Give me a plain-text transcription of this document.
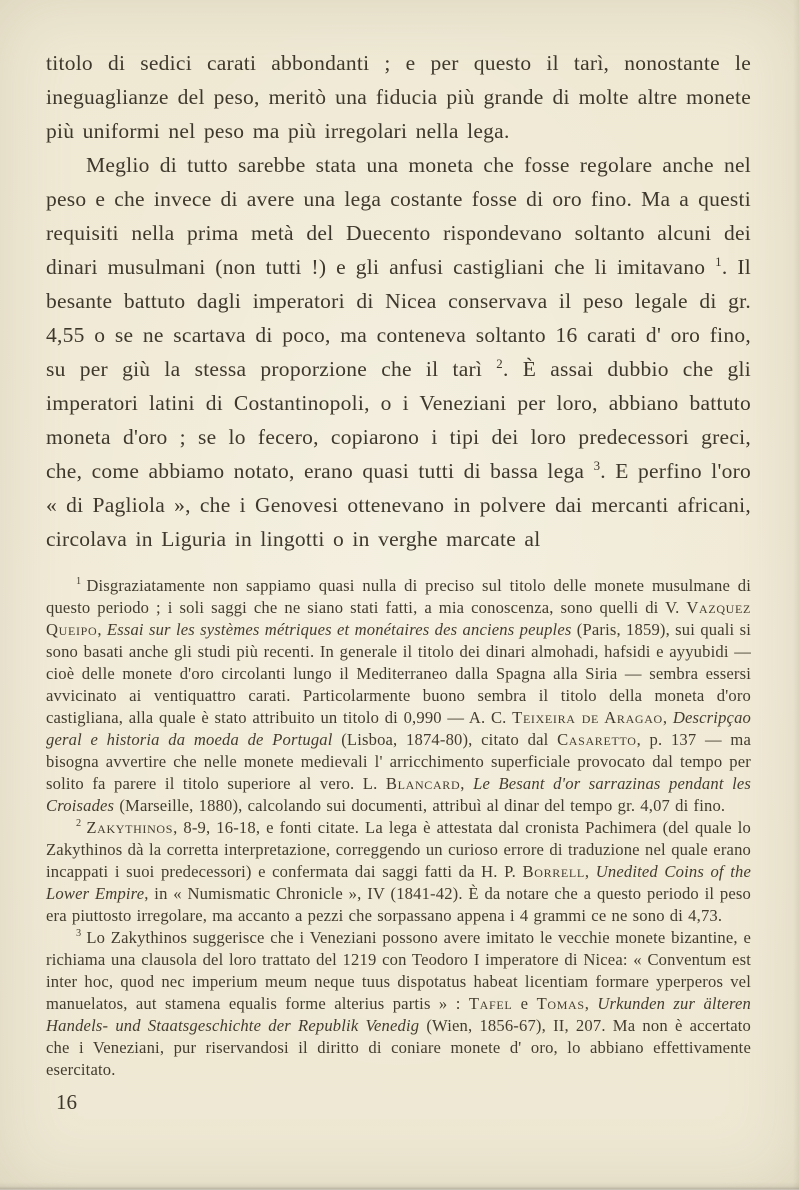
titolo di sedici carati abbondanti ; e per questo il tarì, nonostante le ineguaglianze del peso, meritò una fiducia più grande di molte altre monete più uniformi nel peso ma più irregolari nella lega.

Meglio di tutto sarebbe stata una moneta che fosse regolare anche nel peso e che invece di avere una lega costante fosse di oro fino. Ma a questi requisiti nella prima metà del Duecento rispondevano soltanto alcuni dei dinari musulmani (non tutti !) e gli anfusi castigliani che li imitavano $^1$. Il besante battuto dagli imperatori di Nicea conservava il peso legale di gr. 4,55 o se ne scartava di poco, ma conteneva soltanto 16 carati d' oro fino, su per giù la stessa proporzione che il tarì $^2$. È assai dubbio che gli imperatori latini di Costantinopoli, o i Veneziani per loro, abbiano battuto moneta d'oro ; se lo fecero, copiarono i tipi dei loro predecessori greci, che, come abbiamo notato, erano quasi tutti di bassa lega $^3$. E perfino l'oro « di Pagliola », che i Genovesi ottenevano in polvere dai mercanti africani, circolava in Liguria in lingotti o in verghe marcate al

$^1$ Disgraziatamente non sappiamo quasi nulla di preciso sul titolo delle monete musulmane di questo periodo ; i soli saggi che ne siano stati fatti, a mia conoscenza, sono quelli di V. Vazquez Queipo, Essai sur les systèmes métriques et monétaires des anciens peuples (Paris, 1859), sui quali si sono basati anche gli studi più recenti. In generale il titolo dei dinari almohadi, hafsidi e ayyubidi — cioè delle monete d'oro circolanti lungo il Mediterraneo dalla Spagna alla Siria — sembra essersi avvicinato ai ventiquattro carati. Particolarmente buono sembra il titolo della moneta d'oro castigliana, alla quale è stato attribuito un titolo di 0,990 — A. C. Teixeira de Aragao, Descripçao geral e historia da moeda de Portugal (Lisboa, 1874-80), citato dal Casaretto, p. 137 — ma bisogna avvertire che nelle monete medievali l' arricchimento superficiale provocato dal tempo per solito fa parere il titolo superiore al vero. L. Blancard, Le Besant d'or sarrazinas pendant les Croisades (Marseille, 1880), calcolando sui documenti, attribuì al dinar del tempo gr. 4,07 di fino.

$^2$ Zakythinos, 8-9, 16-18, e fonti citate. La lega è attestata dal cronista Pachimera (del quale lo Zakythinos dà la corretta interpretazione, correggendo un curioso errore di traduzione nel quale erano incappati i suoi predecessori) e confermata dai saggi fatti da H. P. Borrell, Unedited Coins of the Lower Empire, in « Numismatic Chronicle », IV (1841-42). È da notare che a questo periodo il peso era piuttosto irregolare, ma accanto a pezzi che sorpassano appena i 4 grammi ce ne sono di 4,73.

$^3$ Lo Zakythinos suggerisce che i Veneziani possono avere imitato le vecchie monete bizantine, e richiama una clausola del loro trattato del 1219 con Teodoro I imperatore di Nicea: « Conventum est inter hoc, quod nec imperium meum neque tuus dispotatus habeat licentiam formare yperperos vel manuelatos, aut stamena equalis forme alterius partis » : Tafel e Tomas, Urkunden zur älteren Handels- und Staatsgeschichte der Republik Venedig (Wien, 1856-67), II, 207. Ma non è accertato che i Veneziani, pur riservandosi il diritto di coniare monete d' oro, lo abbiano effettivamente esercitato.

16
